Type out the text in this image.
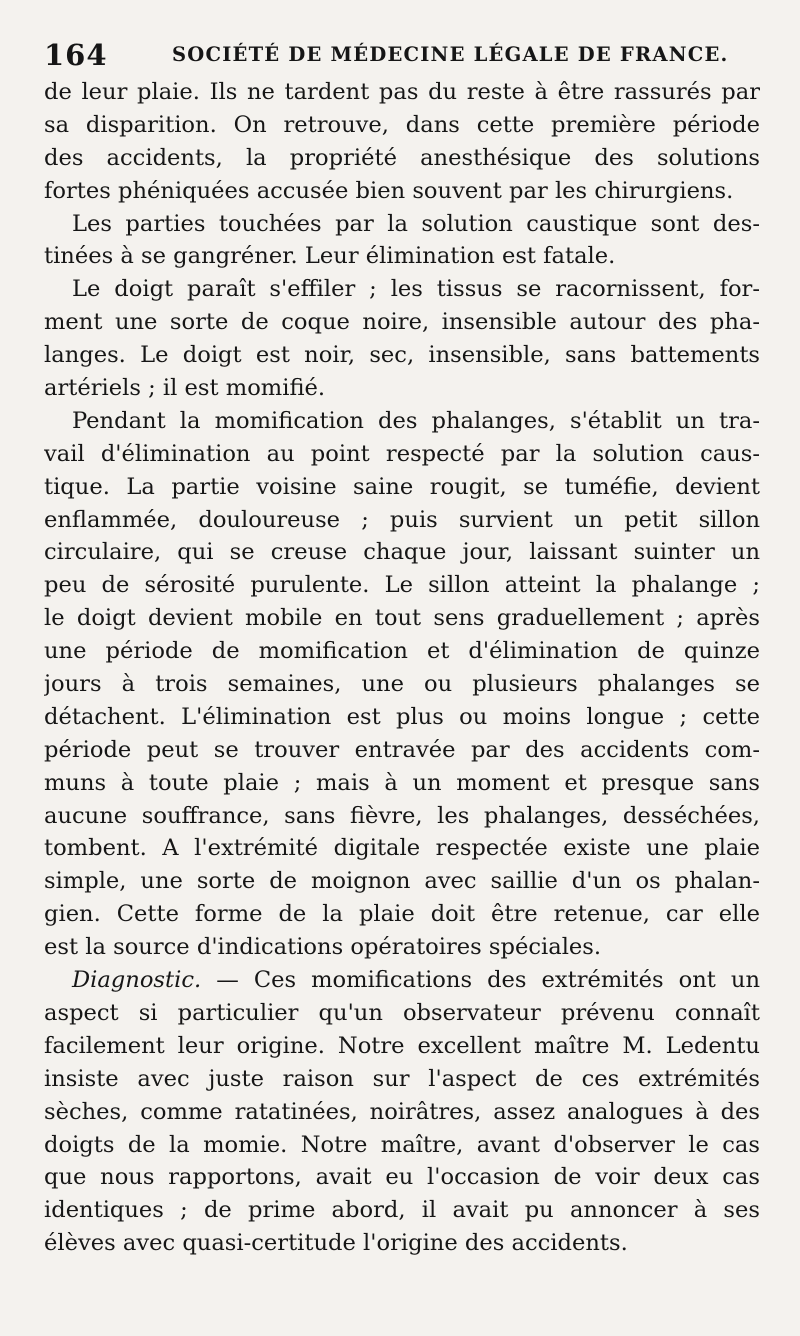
164	SOCIÉTÉ DE MÉDECINE LÉGALE DE FRANCE.
de leur plaie. Ils ne tardent pas du reste à être rassurés par
sa disparition. On retrouve, dans cette première période
des accidents, la propriété anesthésique des solutions
fortes phéniquées accusée bien souvent par les chirurgiens.
Les parties touchées par la solution caustique sont des-
tinées à se gangréner. Leur élimination est fatale.
Le doigt paraît s'effiler ; les tissus se racornissent, for-
ment une sorte de coque noire, insensible autour des pha-
langes. Le doigt est noir, sec, insensible, sans battements
artériels ; il est momifié.
Pendant la momification des phalanges, s'établit un tra-
vail d'élimination au point respecté par la solution caus-
tique. La partie voisine saine rougit, se tuméfie, devient
enflammée, douloureuse ; puis survient un petit sillon
circulaire, qui se creuse chaque jour, laissant suinter un
peu de sérosité purulente. Le sillon atteint la phalange ;
le doigt devient mobile en tout sens graduellement ; après
une période de momification et d'élimination de quinze
jours à trois semaines, une ou plusieurs phalanges se
détachent. L'élimination est plus ou moins longue ; cette
période peut se trouver entravée par des accidents com-
muns à toute plaie ; mais à un moment et presque sans
aucune souffrance, sans fièvre, les phalanges, desséchées,
tombent. A l'extrémité digitale respectée existe une plaie
simple, une sorte de moignon avec saillie d'un os phalan-
gien. Cette forme de la plaie doit être retenue, car elle
est la source d'indications opératoires spéciales.
Diagnostic. — Ces momifications des extrémités ont un
aspect si particulier qu'un observateur prévenu connaît
facilement leur origine. Notre excellent maître M. Ledentu
insiste avec juste raison sur l'aspect de ces extrémités
sèches, comme ratatinées, noirâtres, assez analogues à des
doigts de la momie. Notre maître, avant d'observer le cas
que nous rapportons, avait eu l'occasion de voir deux cas
identiques ; de prime abord, il avait pu annoncer à ses
élèves avec quasi-certitude l'origine des accidents.
